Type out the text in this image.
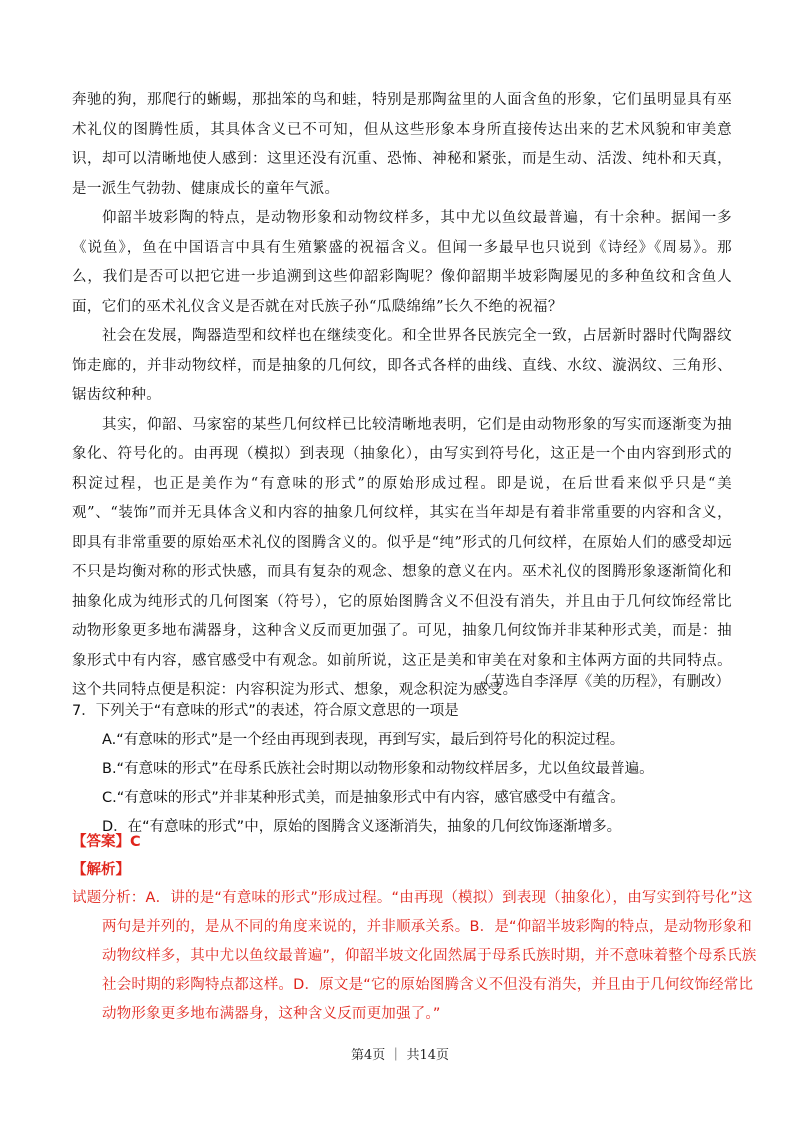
奔驰的狗，那爬行的蜥蜴，那拙笨的鸟和蛙，特别是那陶盆里的人面含鱼的形象，它们虽明显具有巫术礼仪的图腾性质，其具体含义已不可知，但从这些形象本身所直接传达出来的艺术风貌和审美意识，却可以清晰地使人感到：这里还没有沉重、恐怖、神秘和紧张，而是生动、活泼、纯朴和天真，是一派生气勃勃、健康成长的童年气派。

仰韶半坡彩陶的特点，是动物形象和动物纹样多，其中尤以鱼纹最普遍，有十余种。据闻一多《说鱼》，鱼在中国语言中具有生殖繁盛的祝福含义。但闻一多最早也只说到《诗经》《周易》。那么，我们是否可以把它进一步追溯到这些仰韶彩陶呢？像仰韶期半坡彩陶屡见的多种鱼纹和含鱼人面，它们的巫术礼仪含义是否就在对氏族子孙“瓜瓞绵绵”长久不绝的祝福？

社会在发展，陶器造型和纹样也在继续变化。和全世界各民族完全一致，占居新时器时代陶器纹饰走廊的，并非动物纹样，而是抽象的几何纹，即各式各样的曲线、直线、水纹、漩涡纹、三角形、锯齿纹种种。

其实，仰韶、马家窑的某些几何纹样已比较清晰地表明，它们是由动物形象的写实而逐渐变为抽象化、符号化的。由再现（模拟）到表现（抽象化），由写实到符号化，这正是一个由内容到形式的积淀过程，也正是美作为“有意味的形式”的原始形成过程。即是说，在后世看来似乎只是“美观”、“装饰”而并无具体含义和内容的抽象几何纹样，其实在当年却是有着非常重要的内容和含义，即具有非常重要的原始巫术礼仪的图腾含义的。似乎是“纯”形式的几何纹样，在原始人们的感受却远不只是均衡对称的形式快感，而具有复杂的观念、想象的意义在内。巫术礼仪的图腾形象逐渐简化和抽象化成为纯形式的几何图案（符号），它的原始图腾含义不但没有消失，并且由于几何纹饰经常比动物形象更多地布满器身，这种含义反而更加强了。可见，抽象几何纹饰并非某种形式美，而是：抽象形式中有内容，感官感受中有观念。如前所说，这正是美和审美在对象和主体两方面的共同特点。这个共同特点便是积淀：内容积淀为形式、想象，观念积淀为感受。

（节选自李泽厚《美的历程》，有删改）

7．下列关于“有意味的形式”的表述，符合原文意思的一项是

A.“有意味的形式”是一个经由再现到表现，再到写实，最后到符号化的积淀过程。

B.“有意味的形式”在母系氏族社会时期以动物形象和动物纹样居多，尤以鱼纹最普遍。

C.“有意味的形式”并非某种形式美，而是抽象形式中有内容，感官感受中有蕴含。

D．在“有意味的形式”中，原始的图腾含义逐渐消失，抽象的几何纹饰逐渐增多。

【答案】C
【解析】
试题分析：A．讲的是“有意味的形式”形成过程。“由再现（模拟）到表现（抽象化），由写实到符号化”这两句是并列的，是从不同的角度来说的，并非顺承关系。B．是“仰韶半坡彩陶的特点，是动物形象和动物纹样多，其中尤以鱼纹最普遍”，仰韶半坡文化固然属于母系氏族时期，并不意味着整个母系氏族社会时期的彩陶特点都这样。D．原文是“它的原始图腾含义不但没有消失，并且由于几何纹饰经常比动物形象更多地布满器身，这种含义反而更加强了。”
第4页 ｜ 共14页
